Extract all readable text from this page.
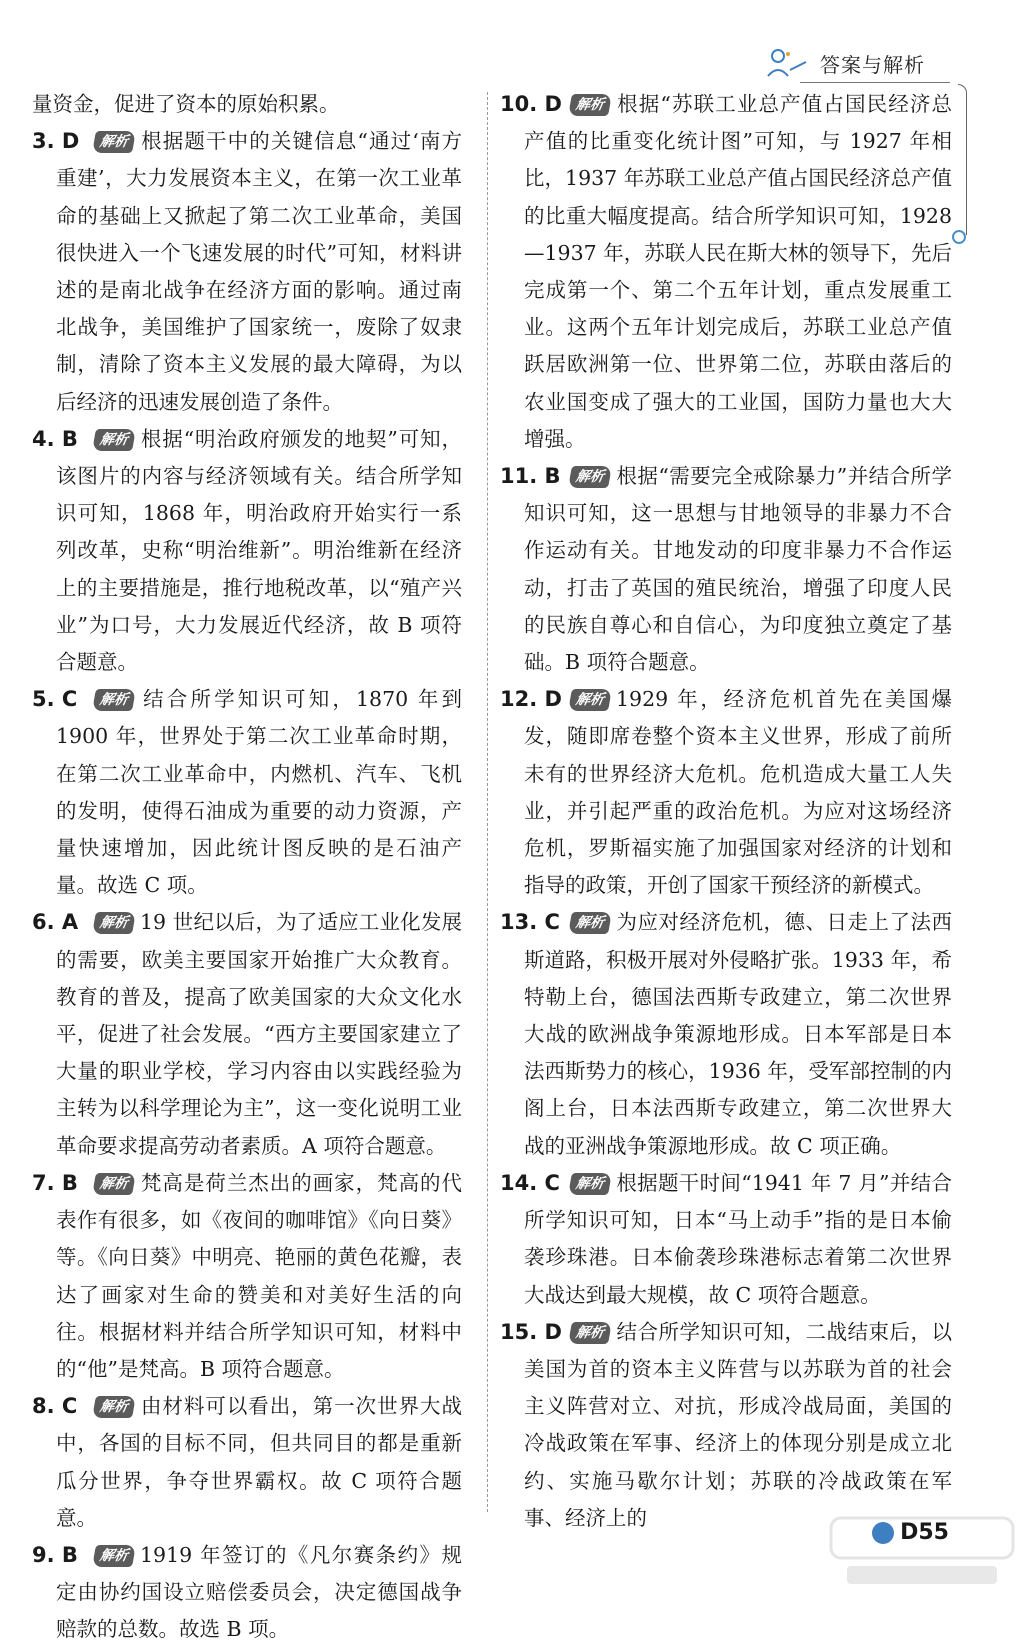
答案与解析

量资金，促进了资本的原始积累。

3. D 解析 根据题干中的关键信息“通过‘南方重建’，大力发展资本主义，在第一次工业革命的基础上又掀起了第二次工业革命，美国很快进入一个飞速发展的时代”可知，材料讲述的是南北战争在经济方面的影响。通过南北战争，美国维护了国家统一，废除了奴隶制，清除了资本主义发展的最大障碍，为以后经济的迅速发展创造了条件。

4. B 解析 根据“明治政府颁发的地契”可知，该图片的内容与经济领域有关。结合所学知识可知，1868 年，明治政府开始实行一系列改革，史称“明治维新”。明治维新在经济上的主要措施是，推行地税改革，以“殖产兴业”为口号，大力发展近代经济，故 B 项符合题意。

5. C 解析 结合所学知识可知，1870 年到 1900 年，世界处于第二次工业革命时期，在第二次工业革命中，内燃机、汽车、飞机的发明，使得石油成为重要的动力资源，产量快速增加，因此统计图反映的是石油产量。故选 C 项。

6. A 解析 19 世纪以后，为了适应工业化发展的需要，欧美主要国家开始推广大众教育。教育的普及，提高了欧美国家的大众文化水平，促进了社会发展。“西方主要国家建立了大量的职业学校，学习内容由以实践经验为主转为以科学理论为主”，这一变化说明工业革命要求提高劳动者素质。A 项符合题意。

7. B 解析 梵高是荷兰杰出的画家，梵高的代表作有很多，如《夜间的咖啡馆》《向日葵》等。《向日葵》中明亮、艳丽的黄色花瓣，表达了画家对生命的赞美和对美好生活的向往。根据材料并结合所学知识可知，材料中的“他”是梵高。B 项符合题意。

8. C 解析 由材料可以看出，第一次世界大战中，各国的目标不同，但共同目的都是重新瓜分世界，争夺世界霸权。故 C 项符合题意。

9. B 解析 1919 年签订的《凡尔赛条约》规定由协约国设立赔偿委员会，决定德国战争赔款的总数。故选 B 项。

10. D 解析 根据“苏联工业总产值占国民经济总产值的比重变化统计图”可知，与 1927 年相比，1937 年苏联工业总产值占国民经济总产值的比重大幅度提高。结合所学知识可知，1928—1937 年，苏联人民在斯大林的领导下，先后完成第一个、第二个五年计划，重点发展重工业。这两个五年计划完成后，苏联工业总产值跃居欧洲第一位、世界第二位，苏联由落后的农业国变成了强大的工业国，国防力量也大大增强。

11. B 解析 根据“需要完全戒除暴力”并结合所学知识可知，这一思想与甘地领导的非暴力不合作运动有关。甘地发动的印度非暴力不合作运动，打击了英国的殖民统治，增强了印度人民的民族自尊心和自信心，为印度独立奠定了基础。B 项符合题意。

12. D 解析 1929 年，经济危机首先在美国爆发，随即席卷整个资本主义世界，形成了前所未有的世界经济大危机。危机造成大量工人失业，并引起严重的政治危机。为应对这场经济危机，罗斯福实施了加强国家对经济的计划和指导的政策，开创了国家干预经济的新模式。

13. C 解析 为应对经济危机，德、日走上了法西斯道路，积极开展对外侵略扩张。1933 年，希特勒上台，德国法西斯专政建立，第二次世界大战的欧洲战争策源地形成。日本军部是日本法西斯势力的核心，1936 年，受军部控制的内阁上台，日本法西斯专政建立，第二次世界大战的亚洲战争策源地形成。故 C 项正确。

14. C 解析 根据题干时间“1941 年 7 月”并结合所学知识可知，日本“马上动手”指的是日本偷袭珍珠港。日本偷袭珍珠港标志着第二次世界大战达到最大规模，故 C 项符合题意。

15. D 解析 结合所学知识可知，二战结束后，以美国为首的资本主义阵营与以苏联为首的社会主义阵营对立、对抗，形成冷战局面，美国的冷战政策在军事、经济上的体现分别是成立北约、实施马歇尔计划；苏联的冷战政策在军事、经济上的

D55
